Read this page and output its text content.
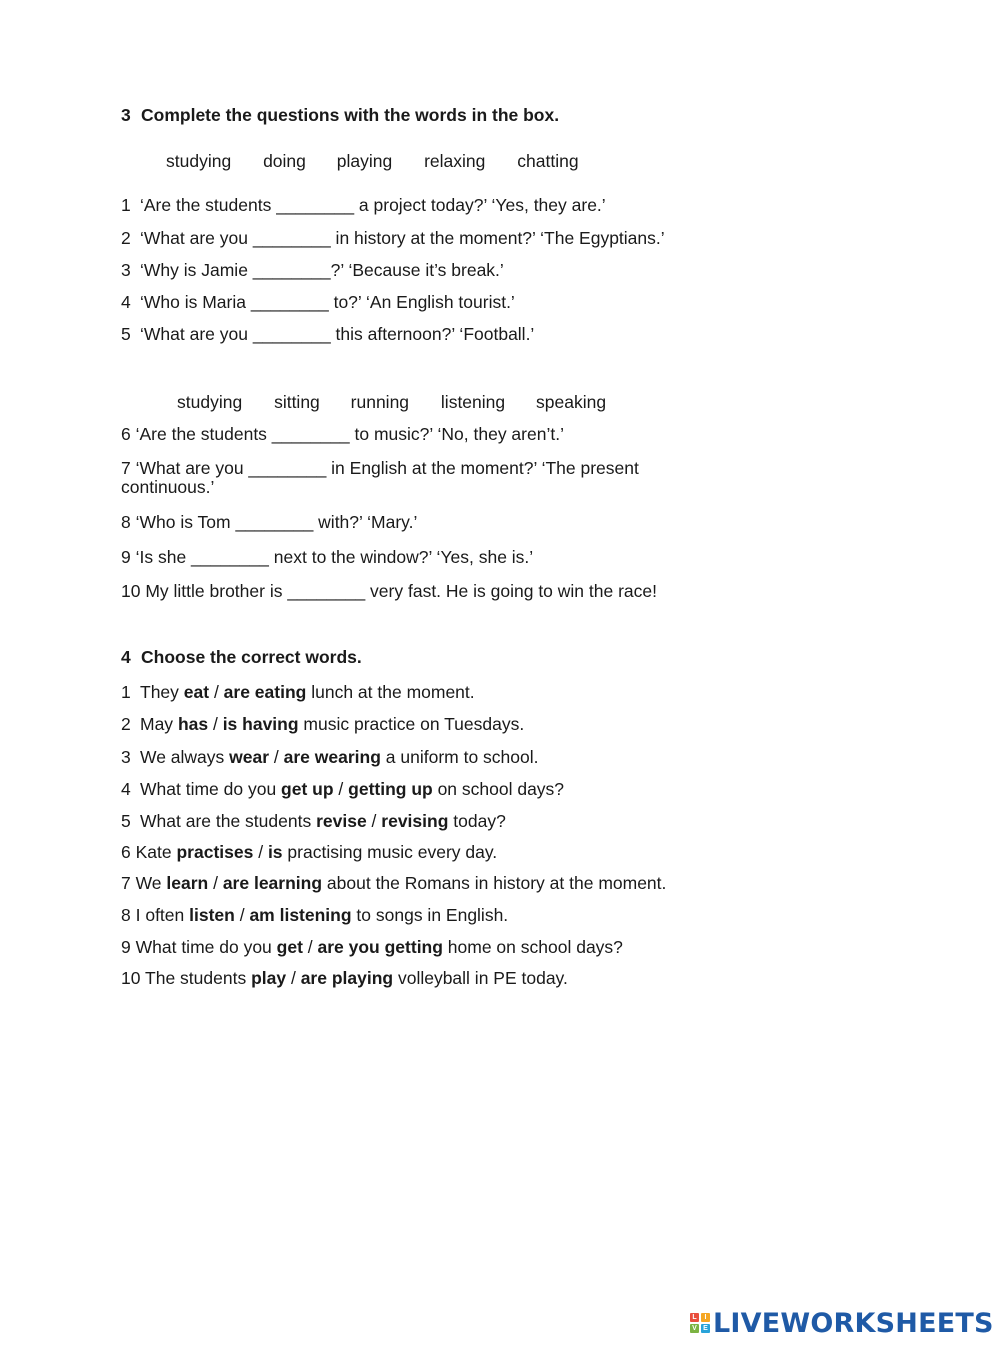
3 Complete the questions with the words in the box.
studying doing playing relaxing chatting
1 ‘Are the students ________ a project today?’ ‘Yes, they are.’
2 ‘What are you ________ in history at the moment?’ ‘The Egyptians.’
3 ‘Why is Jamie ________?’ ‘Because it’s break.’
4 ‘Who is Maria ________ to?’ ‘An English tourist.’
5 ‘What are you ________ this afternoon?’ ‘Football.’
studying sitting running listening speaking
6 ‘Are the students ________ to music?’ ‘No, they aren’t.’
7 ‘What are you ________ in English at the moment?’ ‘The present continuous.’
8 ‘Who is Tom ________ with?’ ‘Mary.’
9 ‘Is she ________ next to the window?’ ‘Yes, she is.’
10 My little brother is ________ very fast. He is going to win the race!
4 Choose the correct words.
1 They eat / are eating lunch at the moment.
2 May has / is having music practice on Tuesdays.
3 We always wear / are wearing a uniform to school.
4 What time do you get up / getting up on school days?
5 What are the students revise / revising today?
6 Kate practises / is practising music every day.
7 We learn / are learning about the Romans in history at the moment.
8 I often listen / am listening to songs in English.
9 What time do you get / are you getting home on school days?
10 The students play / are playing volleyball in PE today.
L	I
V E LIVEWORKSHEETS
